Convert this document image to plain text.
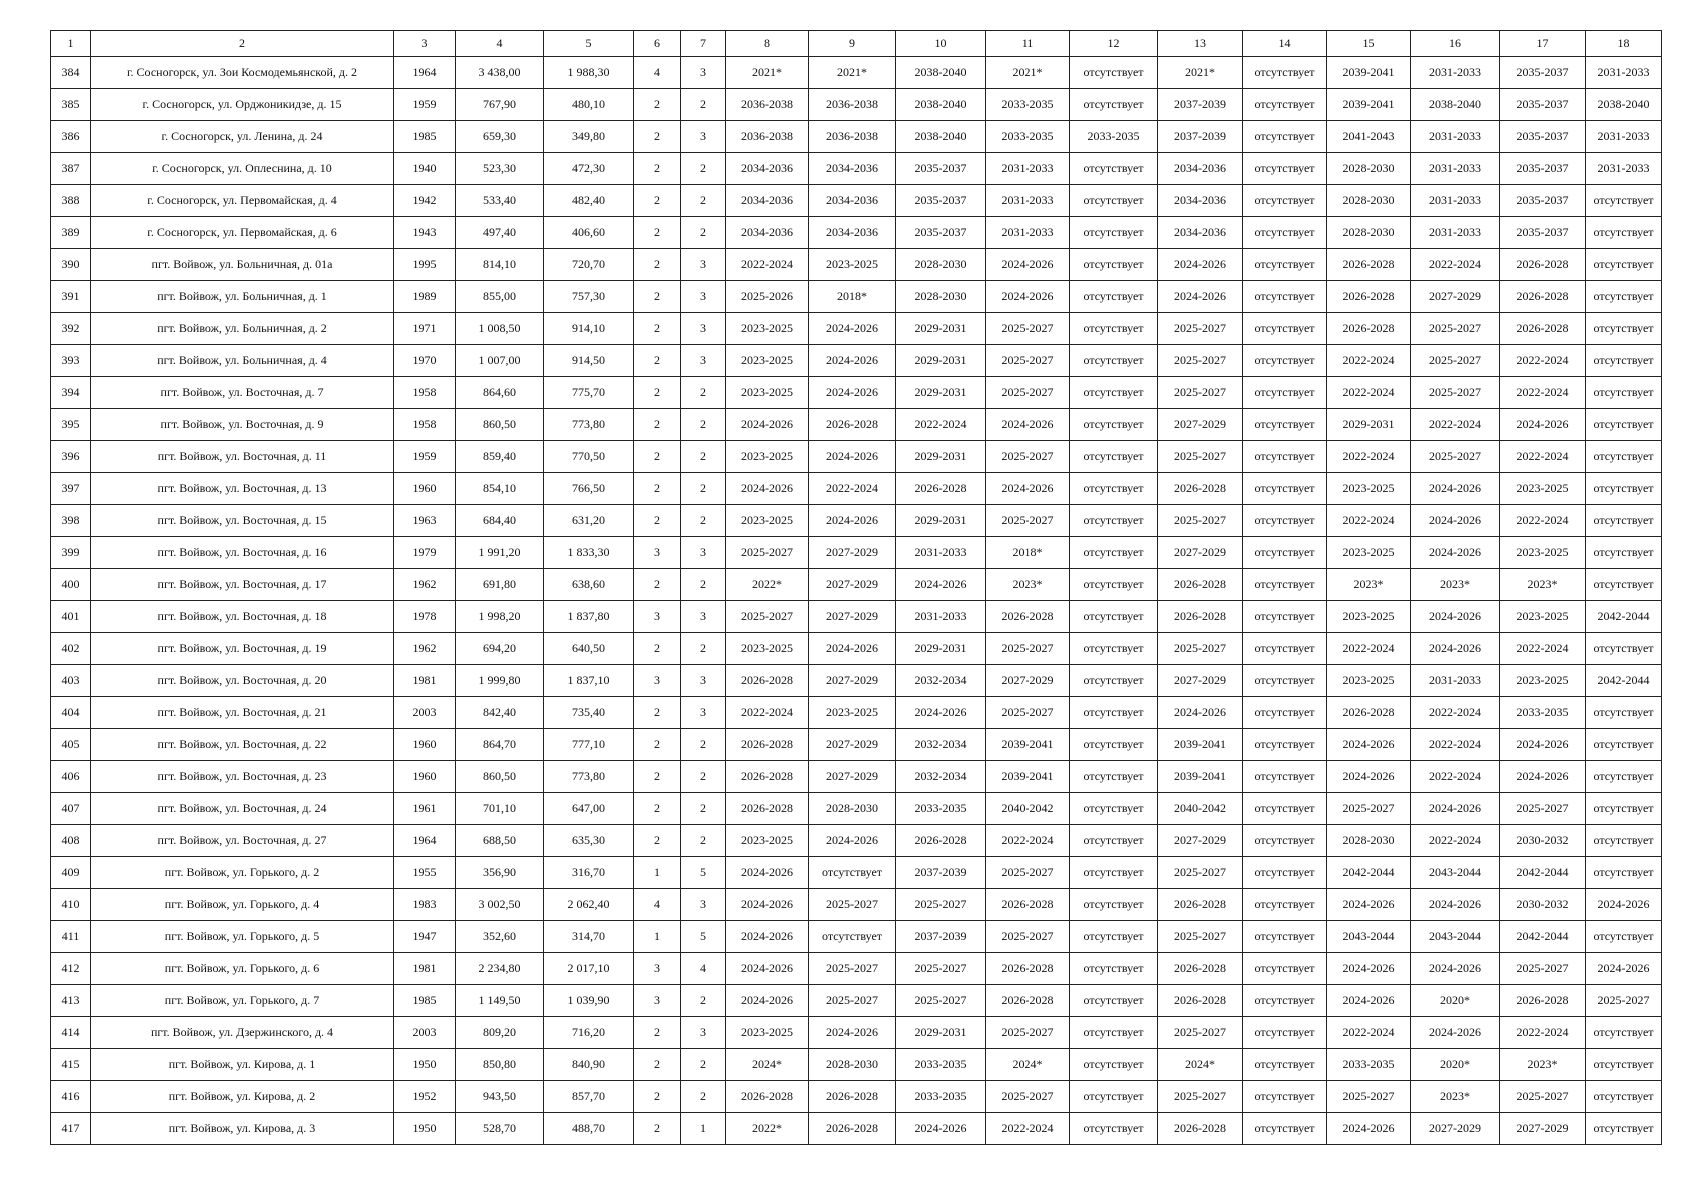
1	2	3	4	5	6	7	8	9	10	11	12	13	14	15	16	17	18
384	г. Сосногорск, ул. Зои Космодемьянской, д. 2	1964	3 438,00	1 988,30	4	3	2021*	2021*	2038-2040	2021*	отсутствует	2021*	отсутствует	2039-2041	2031-2033	2035-2037	2031-2033
385	г. Сосногорск, ул. Орджоникидзе, д. 15	1959	767,90	480,10	2	2	2036-2038	2036-2038	2038-2040	2033-2035	отсутствует	2037-2039	отсутствует	2039-2041	2038-2040	2035-2037	2038-2040
386	г. Сосногорск, ул. Ленина, д. 24	1985	659,30	349,80	2	3	2036-2038	2036-2038	2038-2040	2033-2035	2033-2035	2037-2039	отсутствует	2041-2043	2031-2033	2035-2037	2031-2033
387	г. Сосногорск, ул. Оплеснина, д. 10	1940	523,30	472,30	2	2	2034-2036	2034-2036	2035-2037	2031-2033	отсутствует	2034-2036	отсутствует	2028-2030	2031-2033	2035-2037	2031-2033
388	г. Сосногорск, ул. Первомайская, д. 4	1942	533,40	482,40	2	2	2034-2036	2034-2036	2035-2037	2031-2033	отсутствует	2034-2036	отсутствует	2028-2030	2031-2033	2035-2037	отсутствует
389	г. Сосногорск, ул. Первомайская, д. 6	1943	497,40	406,60	2	2	2034-2036	2034-2036	2035-2037	2031-2033	отсутствует	2034-2036	отсутствует	2028-2030	2031-2033	2035-2037	отсутствует
390	пгт. Войвож, ул. Больничная, д. 01а	1995	814,10	720,70	2	3	2022-2024	2023-2025	2028-2030	2024-2026	отсутствует	2024-2026	отсутствует	2026-2028	2022-2024	2026-2028	отсутствует
391	пгт. Войвож, ул. Больничная, д. 1	1989	855,00	757,30	2	3	2025-2026	2018*	2028-2030	2024-2026	отсутствует	2024-2026	отсутствует	2026-2028	2027-2029	2026-2028	отсутствует
392	пгт. Войвож, ул. Больничная, д. 2	1971	1 008,50	914,10	2	3	2023-2025	2024-2026	2029-2031	2025-2027	отсутствует	2025-2027	отсутствует	2026-2028	2025-2027	2026-2028	отсутствует
393	пгт. Войвож, ул. Больничная, д. 4	1970	1 007,00	914,50	2	3	2023-2025	2024-2026	2029-2031	2025-2027	отсутствует	2025-2027	отсутствует	2022-2024	2025-2027	2022-2024	отсутствует
394	пгт. Войвож, ул. Восточная, д. 7	1958	864,60	775,70	2	2	2023-2025	2024-2026	2029-2031	2025-2027	отсутствует	2025-2027	отсутствует	2022-2024	2025-2027	2022-2024	отсутствует
395	пгт. Войвож, ул. Восточная, д. 9	1958	860,50	773,80	2	2	2024-2026	2026-2028	2022-2024	2024-2026	отсутствует	2027-2029	отсутствует	2029-2031	2022-2024	2024-2026	отсутствует
396	пгт. Войвож, ул. Восточная, д. 11	1959	859,40	770,50	2	2	2023-2025	2024-2026	2029-2031	2025-2027	отсутствует	2025-2027	отсутствует	2022-2024	2025-2027	2022-2024	отсутствует
397	пгт. Войвож, ул. Восточная, д. 13	1960	854,10	766,50	2	2	2024-2026	2022-2024	2026-2028	2024-2026	отсутствует	2026-2028	отсутствует	2023-2025	2024-2026	2023-2025	отсутствует
398	пгт. Войвож, ул. Восточная, д. 15	1963	684,40	631,20	2	2	2023-2025	2024-2026	2029-2031	2025-2027	отсутствует	2025-2027	отсутствует	2022-2024	2024-2026	2022-2024	отсутствует
399	пгт. Войвож, ул. Восточная, д. 16	1979	1 991,20	1 833,30	3	3	2025-2027	2027-2029	2031-2033	2018*	отсутствует	2027-2029	отсутствует	2023-2025	2024-2026	2023-2025	отсутствует
400	пгт. Войвож, ул. Восточная, д. 17	1962	691,80	638,60	2	2	2022*	2027-2029	2024-2026	2023*	отсутствует	2026-2028	отсутствует	2023*	2023*	2023*	отсутствует
401	пгт. Войвож, ул. Восточная, д. 18	1978	1 998,20	1 837,80	3	3	2025-2027	2027-2029	2031-2033	2026-2028	отсутствует	2026-2028	отсутствует	2023-2025	2024-2026	2023-2025	2042-2044
402	пгт. Войвож, ул. Восточная, д. 19	1962	694,20	640,50	2	2	2023-2025	2024-2026	2029-2031	2025-2027	отсутствует	2025-2027	отсутствует	2022-2024	2024-2026	2022-2024	отсутствует
403	пгт. Войвож, ул. Восточная, д. 20	1981	1 999,80	1 837,10	3	3	2026-2028	2027-2029	2032-2034	2027-2029	отсутствует	2027-2029	отсутствует	2023-2025	2031-2033	2023-2025	2042-2044
404	пгт. Войвож, ул. Восточная, д. 21	2003	842,40	735,40	2	3	2022-2024	2023-2025	2024-2026	2025-2027	отсутствует	2024-2026	отсутствует	2026-2028	2022-2024	2033-2035	отсутствует
405	пгт. Войвож, ул. Восточная, д. 22	1960	864,70	777,10	2	2	2026-2028	2027-2029	2032-2034	2039-2041	отсутствует	2039-2041	отсутствует	2024-2026	2022-2024	2024-2026	отсутствует
406	пгт. Войвож, ул. Восточная, д. 23	1960	860,50	773,80	2	2	2026-2028	2027-2029	2032-2034	2039-2041	отсутствует	2039-2041	отсутствует	2024-2026	2022-2024	2024-2026	отсутствует
407	пгт. Войвож, ул. Восточная, д. 24	1961	701,10	647,00	2	2	2026-2028	2028-2030	2033-2035	2040-2042	отсутствует	2040-2042	отсутствует	2025-2027	2024-2026	2025-2027	отсутствует
408	пгт. Войвож, ул. Восточная, д. 27	1964	688,50	635,30	2	2	2023-2025	2024-2026	2026-2028	2022-2024	отсутствует	2027-2029	отсутствует	2028-2030	2022-2024	2030-2032	отсутствует
409	пгт. Войвож, ул. Горького, д. 2	1955	356,90	316,70	1	5	2024-2026	отсутствует	2037-2039	2025-2027	отсутствует	2025-2027	отсутствует	2042-2044	2043-2044	2042-2044	отсутствует
410	пгт. Войвож, ул. Горького, д. 4	1983	3 002,50	2 062,40	4	3	2024-2026	2025-2027	2025-2027	2026-2028	отсутствует	2026-2028	отсутствует	2024-2026	2024-2026	2030-2032	2024-2026
411	пгт. Войвож, ул. Горького, д. 5	1947	352,60	314,70	1	5	2024-2026	отсутствует	2037-2039	2025-2027	отсутствует	2025-2027	отсутствует	2043-2044	2043-2044	2042-2044	отсутствует
412	пгт. Войвож, ул. Горького, д. 6	1981	2 234,80	2 017,10	3	4	2024-2026	2025-2027	2025-2027	2026-2028	отсутствует	2026-2028	отсутствует	2024-2026	2024-2026	2025-2027	2024-2026
413	пгт. Войвож, ул. Горького, д. 7	1985	1 149,50	1 039,90	3	2	2024-2026	2025-2027	2025-2027	2026-2028	отсутствует	2026-2028	отсутствует	2024-2026	2020*	2026-2028	2025-2027
414	пгт. Войвож, ул. Дзержинского, д. 4	2003	809,20	716,20	2	3	2023-2025	2024-2026	2029-2031	2025-2027	отсутствует	2025-2027	отсутствует	2022-2024	2024-2026	2022-2024	отсутствует
415	пгт. Войвож, ул. Кирова, д. 1	1950	850,80	840,90	2	2	2024*	2028-2030	2033-2035	2024*	отсутствует	2024*	отсутствует	2033-2035	2020*	2023*	отсутствует
416	пгт. Войвож, ул. Кирова, д. 2	1952	943,50	857,70	2	2	2026-2028	2026-2028	2033-2035	2025-2027	отсутствует	2025-2027	отсутствует	2025-2027	2023*	2025-2027	отсутствует
417	пгт. Войвож, ул. Кирова, д. 3	1950	528,70	488,70	2	1	2022*	2026-2028	2024-2026	2022-2024	отсутствует	2026-2028	отсутствует	2024-2026	2027-2029	2027-2029	отсутствует
